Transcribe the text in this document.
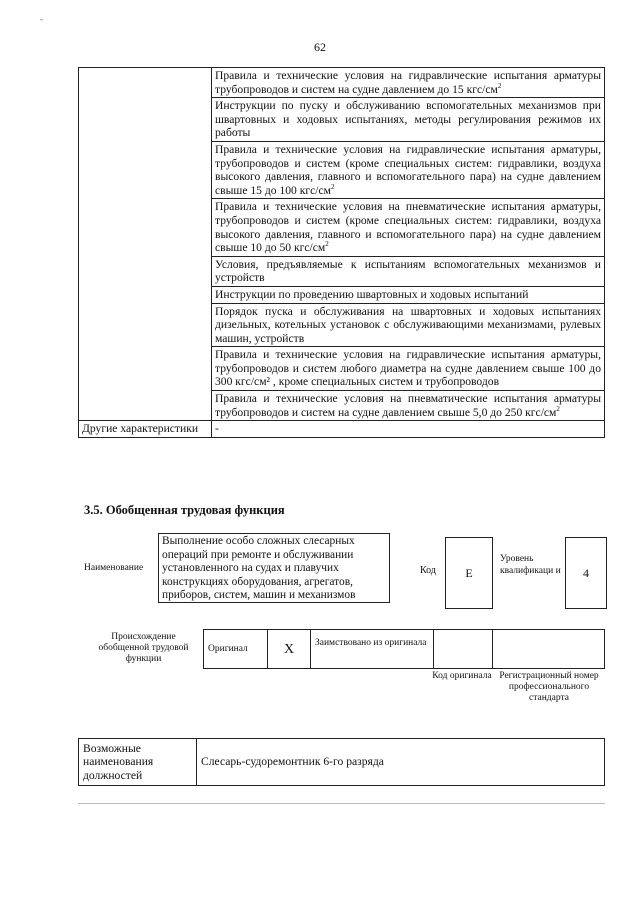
-
62
	Правила и технические условия на гидравлические испытания арматуры трубопроводов и систем на судне давлением до 15 кгс/$см^2$
	Инструкции по пуску и обслуживанию вспомогательных механизмов при швартовных и ходовых испытаниях, методы регулирования режимов их работы
	Правила и технические условия на гидравлические испытания арматуры, трубопроводов и систем (кроме специальных систем: гидравлики, воздуха высокого давления, главного и вспомогательного пара) на судне давлением свыше 15 до 100 кгс/$см^2$
	Правила и технические условия на пневматические испытания арматуры, трубопроводов и систем (кроме специальных систем: гидравлики, воздуха высокого давления, главного и вспомогательного пара) на судне давлением свыше 10 до 50 кгс/$см^2$
	Условия, предъявляемые к испытаниям вспомогательных механизмов и устройств
	Инструкции по проведению швартовных и ходовых испытаний
	Порядок пуска и обслуживания на швартовных и ходовых испытаниях дизельных, котельных установок с обслуживающими механизмами, рулевых машин, устройств
	Правила и технические условия на гидравлические испытания арматуры, трубопроводов и систем любого диаметра на судне давлением свыше 100 до 300 кгс/см² , кроме специальных систем и трубопроводов
	Правила и технические условия на пневматические испытания арматуры трубопроводов и систем на судне давлением свыше 5,0 до 250 кгс/$см^2$
Другие характеристики	-
3.5. Обобщенная трудовая функция
Наименование
Выполнение особо сложных слесарных операций при ремонте и обслуживании установленного на судах и плавучих конструкциях оборудования, агрегатов, приборов, систем, машин и механизмов
Код	E
Уровень квалификаци и	4
Происхождение обобщенной трудовой функции
Оригинал	X	Заимствовано из оригинала		
Код оригинала Регистрационный номер профессионального стандарта
Возможные наименования должностей	Слесарь-судоремонтник 6-го разряда
